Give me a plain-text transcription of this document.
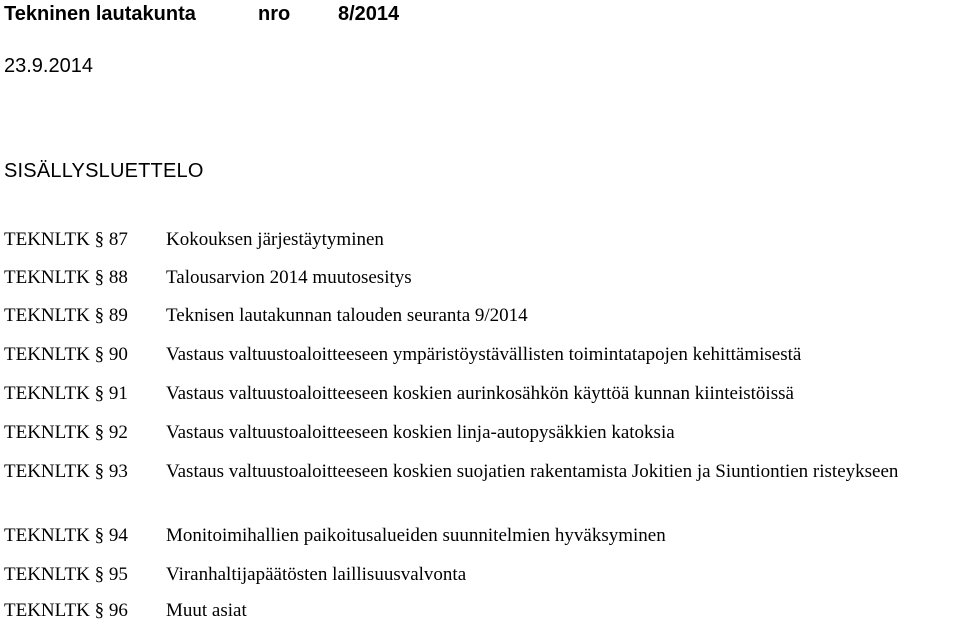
Tekninen lautakunta	nro 8/2014
23.9.2014
SISÄLLYSLUETTELO
TEKNLTK § 87	Kokouksen järjestäytyminen
TEKNLTK § 88	Talousarvion 2014 muutosesitys
TEKNLTK § 89	Teknisen lautakunnan talouden seuranta 9/2014
TEKNLTK § 90	Vastaus valtuustoaloitteeseen ympäristöystävällisten toimintatapojen kehittämisestä
TEKNLTK § 91	Vastaus valtuustoaloitteeseen koskien aurinkosähkön käyttöä kunnan kiinteistöissä
TEKNLTK § 92	Vastaus valtuustoaloitteeseen koskien linja-autopysäkkien katoksia
TEKNLTK § 93	Vastaus valtuustoaloitteeseen koskien suojatien rakentamista Jokitien ja Siuntiontien risteykseen
TEKNLTK § 94	Monitoimihallien paikoitusalueiden suunnitelmien hyväksyminen
TEKNLTK § 95	Viranhaltijapäätösten laillisuusvalvonta
TEKNLTK § 96	Muut asiat
